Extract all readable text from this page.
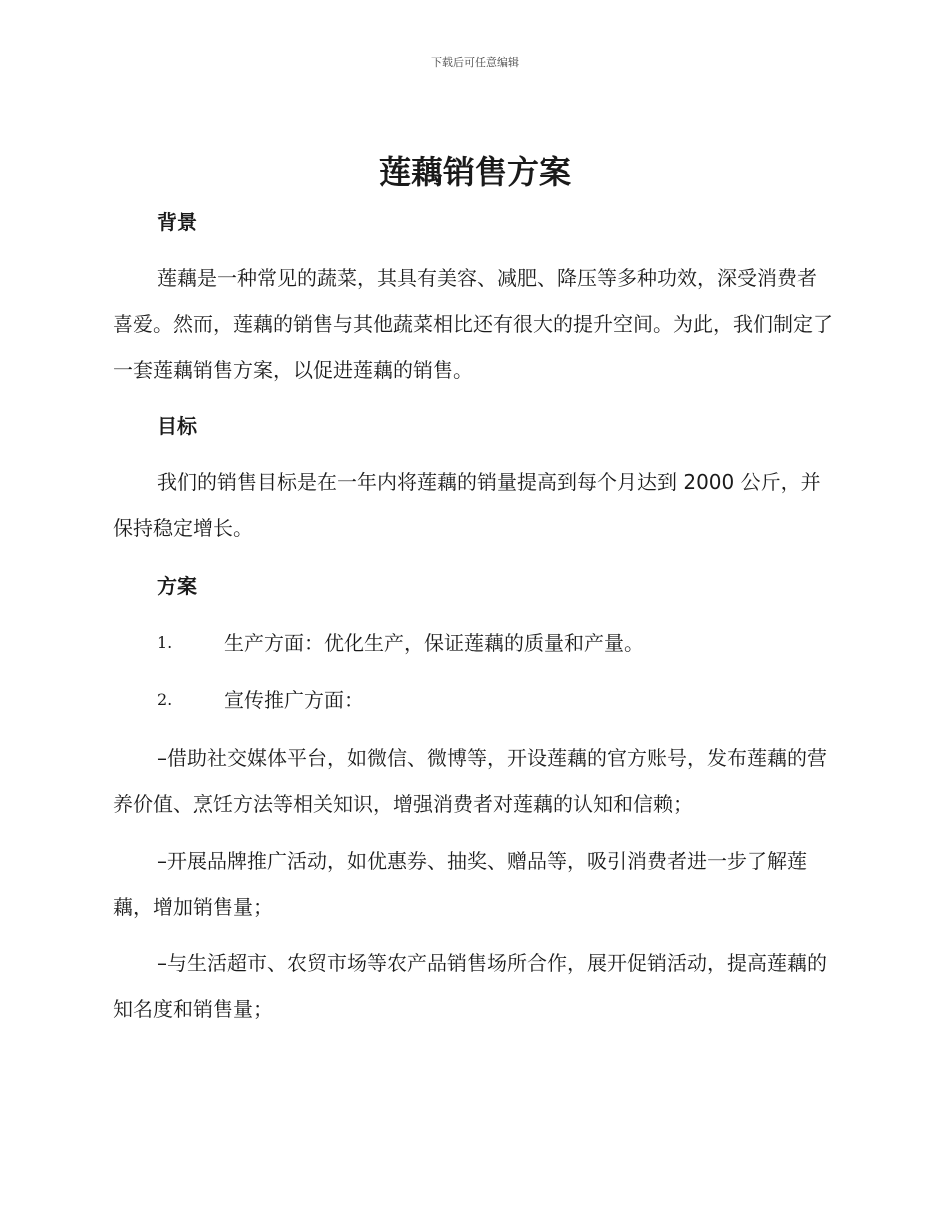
下载后可任意编辑
莲藕销售方案
背景

莲藕是一种常见的蔬菜，其具有美容、减肥、降压等多种功效，深受消费者喜爱。然而，莲藕的销售与其他蔬菜相比还有很大的提升空间。为此，我们制定了一套莲藕销售方案，以促进莲藕的销售。

目标

我们的销售目标是在一年内将莲藕的销量提高到每个月达到 2000 公斤，并保持稳定增长。

方案
1.	生产方面：优化生产，保证莲藕的质量和产量。
2.	宣传推广方面：

–借助社交媒体平台，如微信、微博等，开设莲藕的官方账号，发布莲藕的营养价值、烹饪方法等相关知识，增强消费者对莲藕的认知和信赖；

–开展品牌推广活动，如优惠券、抽奖、赠品等，吸引消费者进一步了解莲藕，增加销售量；

–与生活超市、农贸市场等农产品销售场所合作，展开促销活动，提高莲藕的知名度和销售量；
